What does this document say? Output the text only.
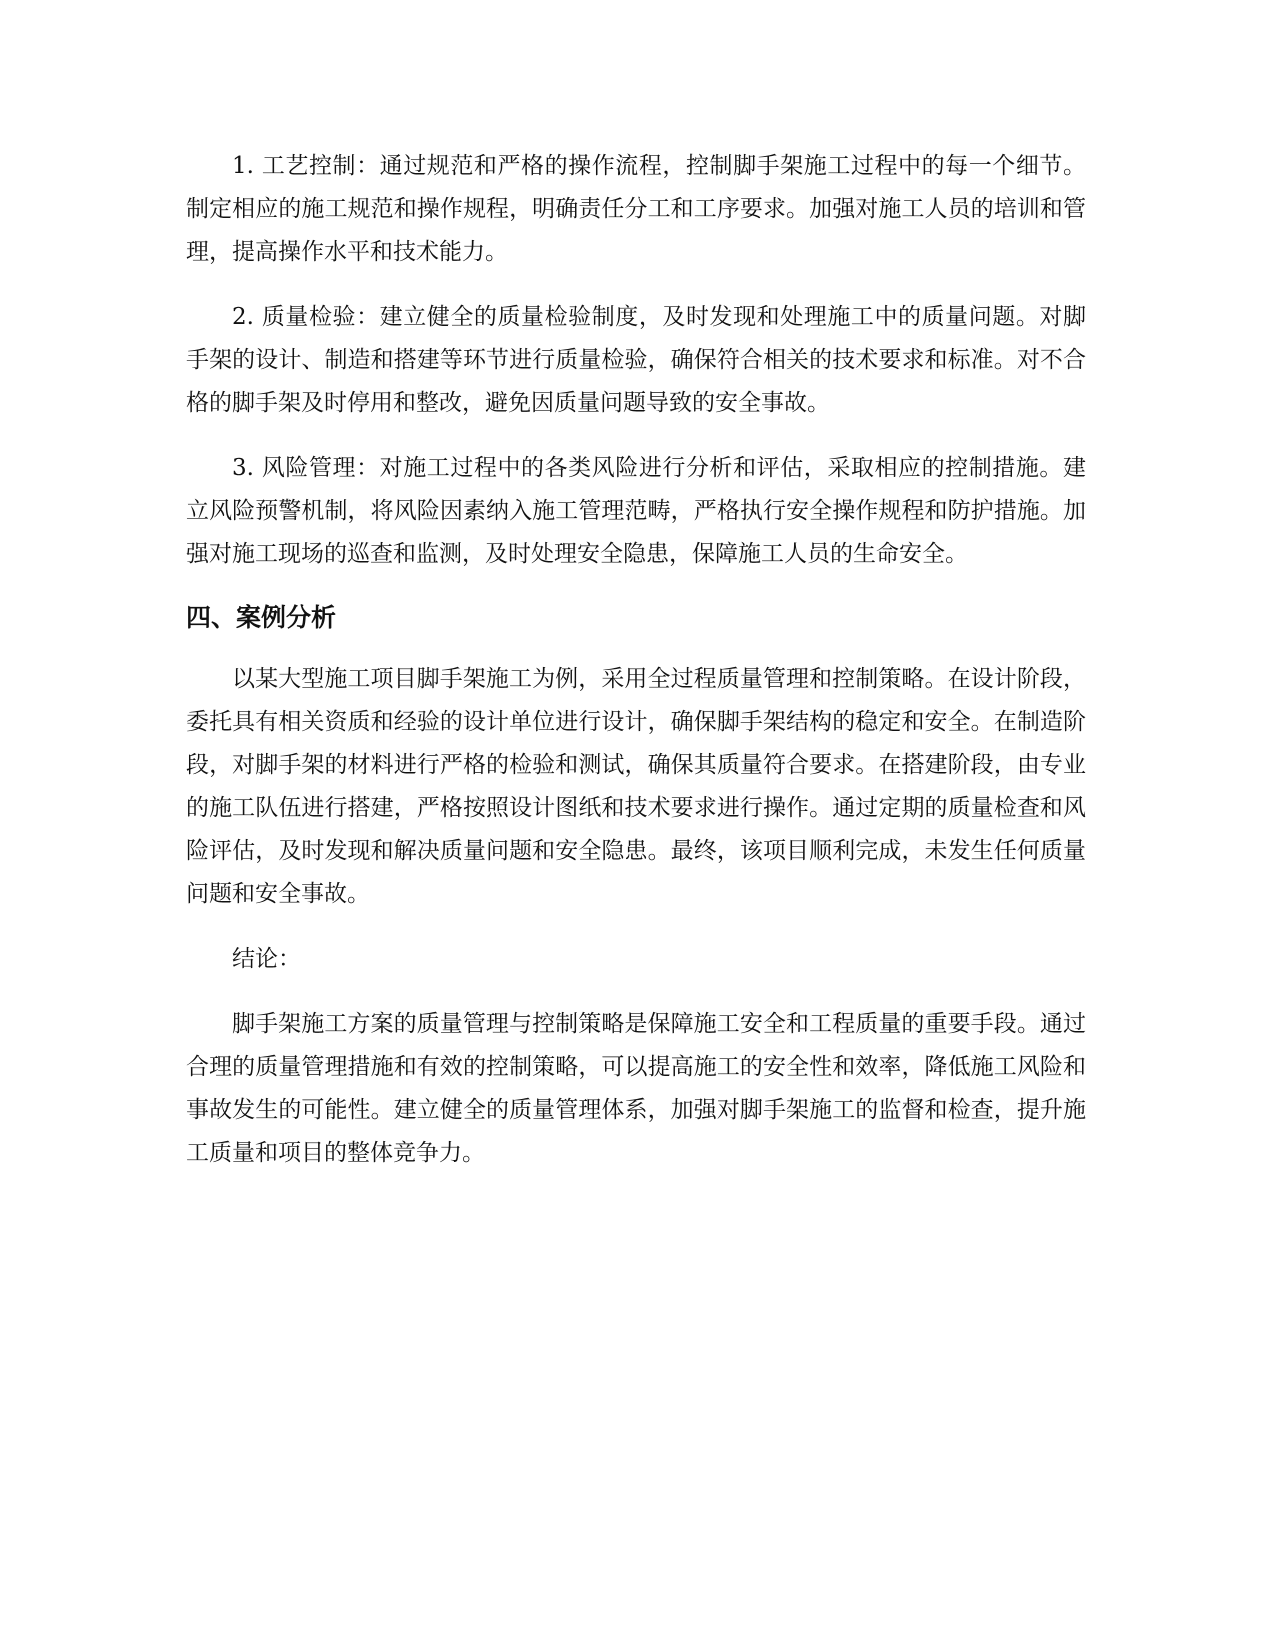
1. 工艺控制：通过规范和严格的操作流程，控制脚手架施工过程中的每一个细节。制定相应的施工规范和操作规程，明确责任分工和工序要求。加强对施工人员的培训和管理，提高操作水平和技术能力。

2. 质量检验：建立健全的质量检验制度，及时发现和处理施工中的质量问题。对脚手架的设计、制造和搭建等环节进行质量检验，确保符合相关的技术要求和标准。对不合格的脚手架及时停用和整改，避免因质量问题导致的安全事故。

3. 风险管理：对施工过程中的各类风险进行分析和评估，采取相应的控制措施。建立风险预警机制，将风险因素纳入施工管理范畴，严格执行安全操作规程和防护措施。加强对施工现场的巡查和监测，及时处理安全隐患，保障施工人员的生命安全。

四、案例分析

以某大型施工项目脚手架施工为例，采用全过程质量管理和控制策略。在设计阶段，委托具有相关资质和经验的设计单位进行设计，确保脚手架结构的稳定和安全。在制造阶段，对脚手架的材料进行严格的检验和测试，确保其质量符合要求。在搭建阶段，由专业的施工队伍进行搭建，严格按照设计图纸和技术要求进行操作。通过定期的质量检查和风险评估，及时发现和解决质量问题和安全隐患。最终，该项目顺利完成，未发生任何质量问题和安全事故。

结论：

脚手架施工方案的质量管理与控制策略是保障施工安全和工程质量的重要手段。通过合理的质量管理措施和有效的控制策略，可以提高施工的安全性和效率，降低施工风险和事故发生的可能性。建立健全的质量管理体系，加强对脚手架施工的监督和检查，提升施工质量和项目的整体竞争力。
